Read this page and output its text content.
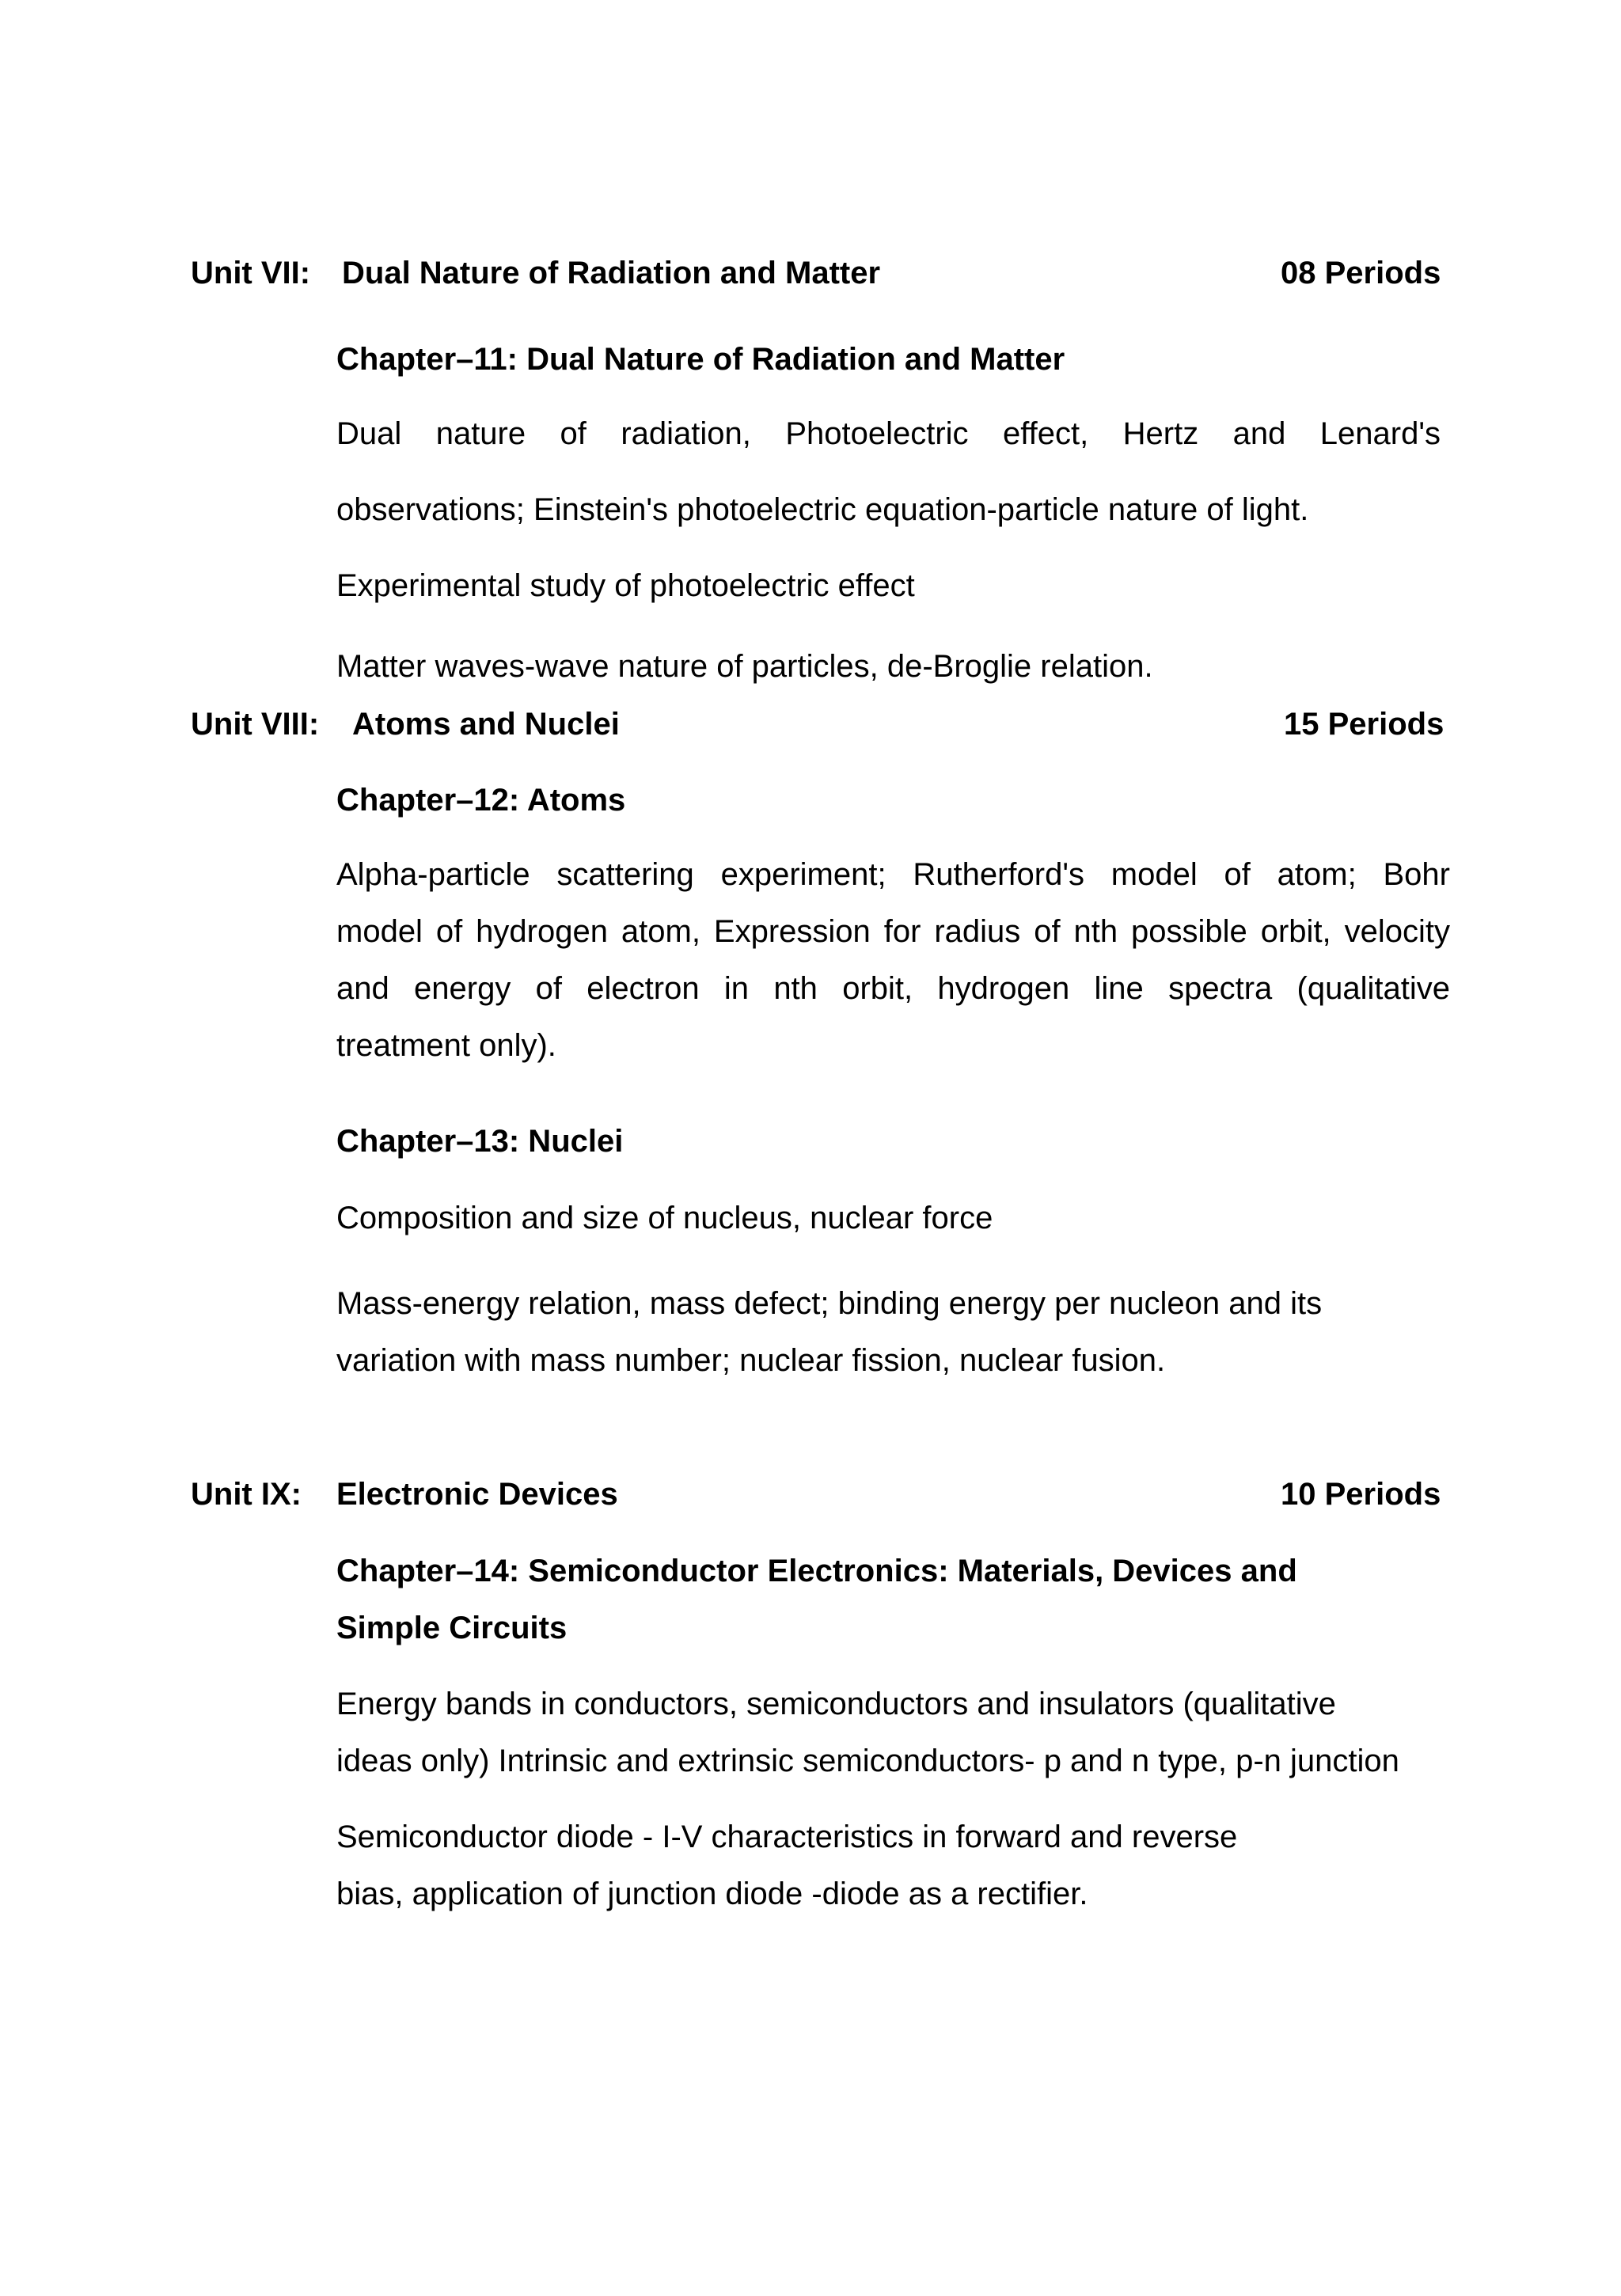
Unit VII: Dual Nature of Radiation and Matter	08 Periods
Chapter–11: Dual Nature of Radiation and Matter
Dual nature of radiation, Photoelectric effect, Hertz and Lenard's
observations; Einstein's photoelectric equation-particle nature of light.
Experimental study of photoelectric effect
Matter waves-wave nature of particles, de-Broglie relation.
Unit VIII: Atoms and Nuclei	15 Periods
Chapter–12: Atoms
Alpha-particle scattering experiment; Rutherford's model of atom; Bohr
model of hydrogen atom, Expression for radius of nth possible orbit, velocity
and energy of electron in nth orbit, hydrogen line spectra (qualitative
treatment only).
Chapter–13: Nuclei
Composition and size of nucleus, nuclear force
Mass-energy relation, mass defect; binding energy per nucleon and its
variation with mass number; nuclear fission, nuclear fusion.
Unit IX: Electronic Devices	10 Periods
Chapter–14: Semiconductor Electronics: Materials, Devices and
Simple Circuits
Energy bands in conductors, semiconductors and insulators (qualitative
ideas only) Intrinsic and extrinsic semiconductors- p and n type, p-n junction
Semiconductor diode - I-V characteristics in forward and reverse
bias, application of junction diode -diode as a rectifier.
